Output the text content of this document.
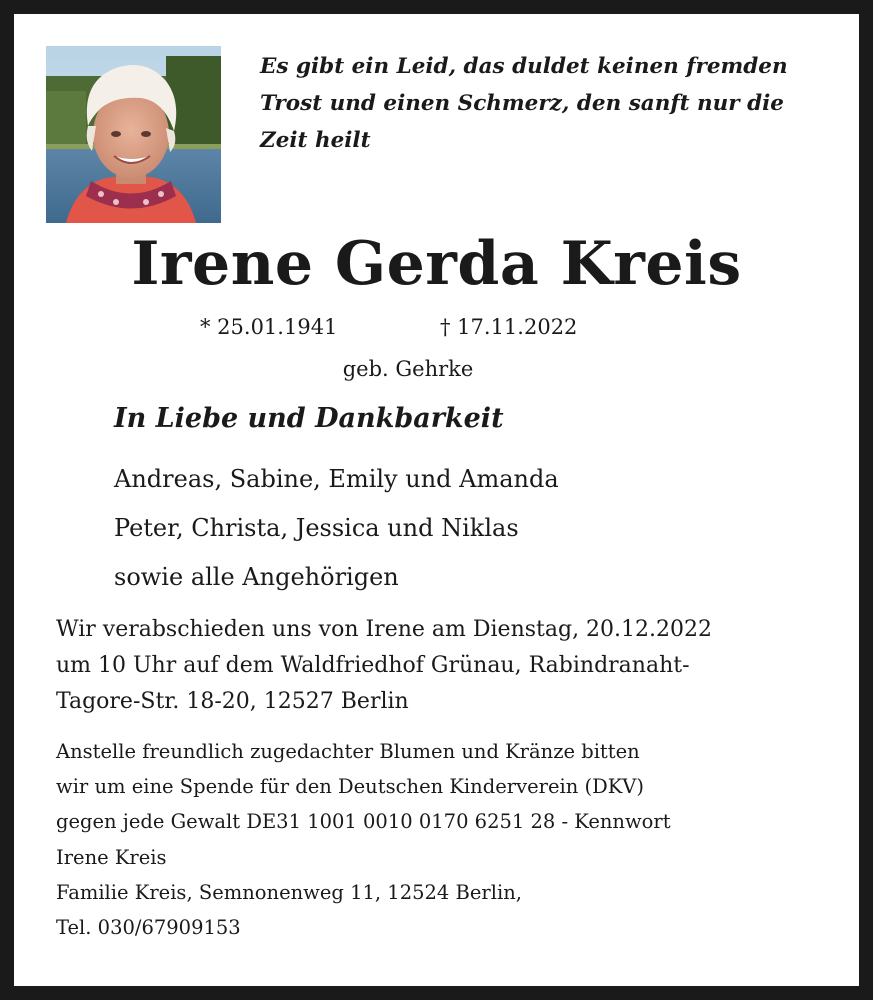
Es gibt ein Leid, das duldet keinen fremden
Trost und einen Schmerz, den sanft nur die
Zeit heilt
Irene Gerda Kreis
* 25.01.1941	† 17.11.2022
geb. Gehrke
In Liebe und Dankbarkeit
Andreas, Sabine, Emily und Amanda
Peter, Christa, Jessica und Niklas
sowie alle Angehörigen
Wir verabschieden uns von Irene am Dienstag, 20.12.2022
um 10 Uhr auf dem Waldfriedhof Grünau, Rabindranaht-
Tagore-Str. 18-20, 12527 Berlin
Anstelle freundlich zugedachter Blumen und Kränze bitten
wir um eine Spende für den Deutschen Kinderverein (DKV)
gegen jede Gewalt DE31 1001 0010 0170 6251 28 - Kennwort
Irene Kreis
Familie Kreis, Semnonenweg 11, 12524 Berlin,
Tel. 030/67909153
